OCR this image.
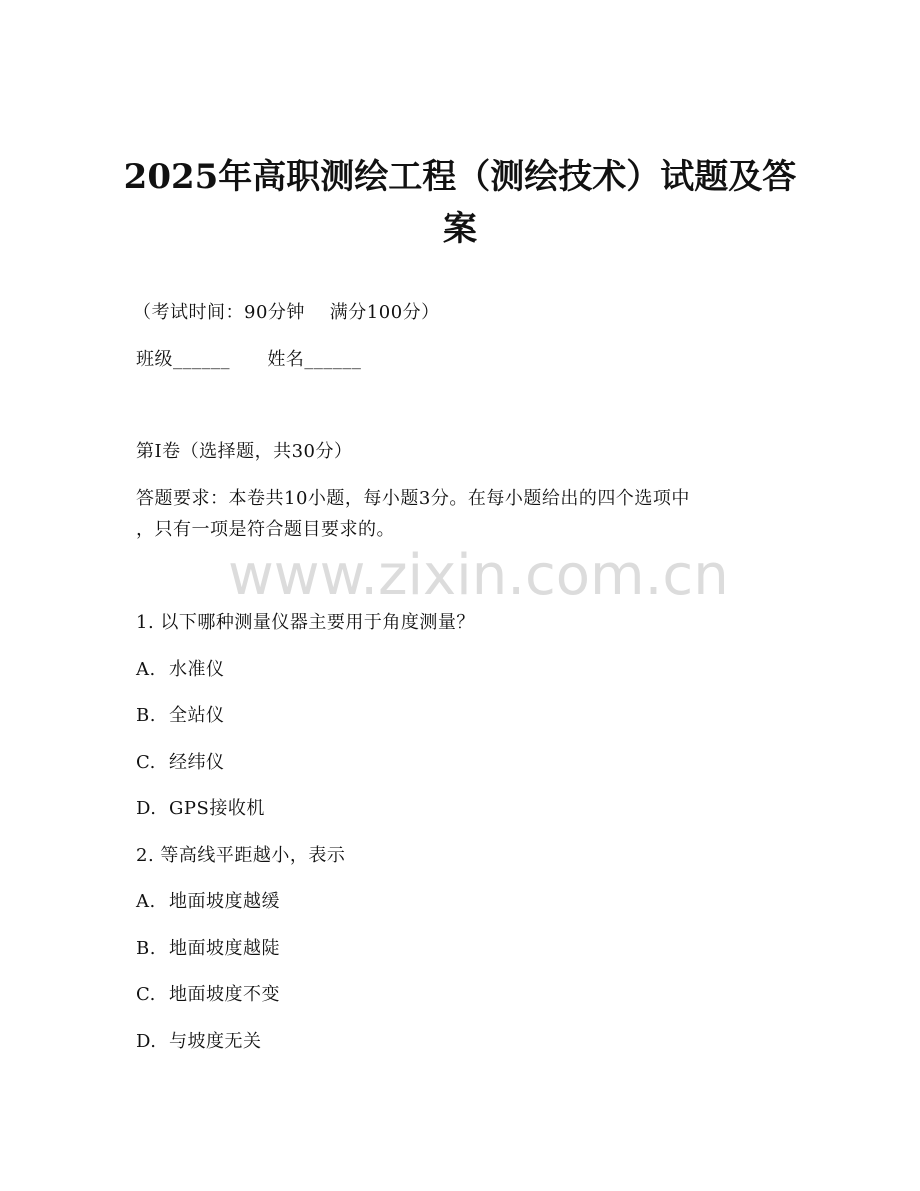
2025年高职测绘工程（测绘技术）试题及答
案

（考试时间：90分钟    满分100分）

班级______      姓名______

第I卷（选择题，共30分）

答题要求：本卷共10小题，每小题3分。在每小题给出的四个选项中

，只有一项是符合题目要求的。

www.zixin.com.cn

1. 以下哪种测量仪器主要用于角度测量？

A. 水准仪

B. 全站仪

C. 经纬仪

D. GPS接收机

2. 等高线平距越小，表示

A. 地面坡度越缓

B. 地面坡度越陡

C. 地面坡度不变

D. 与坡度无关
